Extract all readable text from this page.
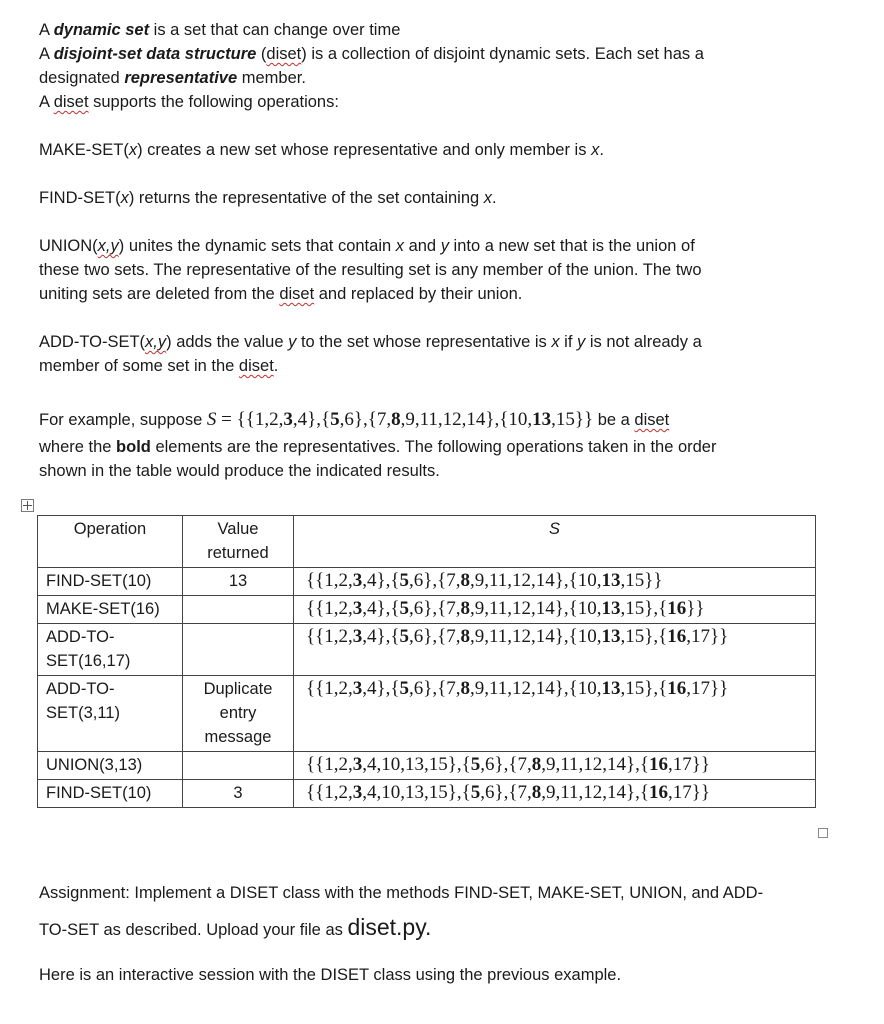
A dynamic set is a set that can change over time
A disjoint-set data structure (diset) is a collection of disjoint dynamic sets. Each set has a
designated representative member.
A diset supports the following operations:
MAKE-SET(x) creates a new set whose representative and only member is x.
FIND-SET(x) returns the representative of the set containing x.
UNION(x,y) unites the dynamic sets that contain x and y into a new set that is the union of
these two sets. The representative of the resulting set is any member of the union. The two
uniting sets are deleted from the diset and replaced by their union.
ADD-TO-SET(x,y) adds the value y to the set whose representative is x if y is not already a
member of some set in the diset.
For example, suppose S = {{1,2,3,4},{5,6},{7,8,9,11,12,14},{10,13,15}} be a diset
where the bold elements are the representatives. The following operations taken in the order
shown in the table would produce the indicated results.
Operation	Value returned	S
FIND-SET(10)	13	{{1,2,3,4},{5,6},{7,8,9,11,12,14},{10,13,15}}
MAKE-SET(16)		{{1,2,3,4},{5,6},{7,8,9,11,12,14},{10,13,15},{16}}
ADD-TO-SET(16,17)		{{1,2,3,4},{5,6},{7,8,9,11,12,14},{10,13,15},{16,17}}
ADD-TO-SET(3,11)	Duplicate entry message	{{1,2,3,4},{5,6},{7,8,9,11,12,14},{10,13,15},{16,17}}
UNION(3,13)		{{1,2,3,4,10,13,15},{5,6},{7,8,9,11,12,14},{16,17}}
FIND-SET(10)	3	{{1,2,3,4,10,13,15},{5,6},{7,8,9,11,12,14},{16,17}}
Assignment: Implement a DISET class with the methods FIND-SET, MAKE-SET, UNION, and ADD-
TO-SET as described. Upload your file as diset.py.
Here is an interactive session with the DISET class using the previous example.
